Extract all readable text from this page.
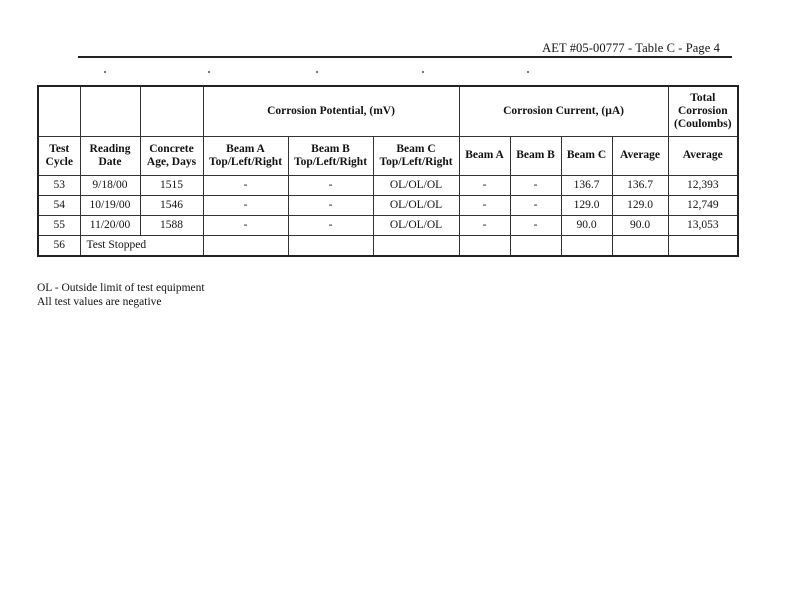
AET #05-00777 - Table C - Page 4
			Corrosion Potential, (mV)			Corrosion Current, (µA)				Total Corrosion (Coulombs)
Test Cycle	Reading Date	Concrete Age, Days	Beam A Top/Left/Right	Beam B Top/Left/Right	Beam C Top/Left/Right	Beam A	Beam B	Beam C	Average	Average
53	9/18/00	1515	-	-	OL/OL/OL	-	-	136.7	136.7	12,393
54	10/19/00	1546	-	-	OL/OL/OL	-	-	129.0	129.0	12,749
55	11/20/00	1588	-	-	OL/OL/OL	-	-	90.0	90.0	13,053
56	Test Stopped									
OL - Outside limit of test equipment
All test values are negative
